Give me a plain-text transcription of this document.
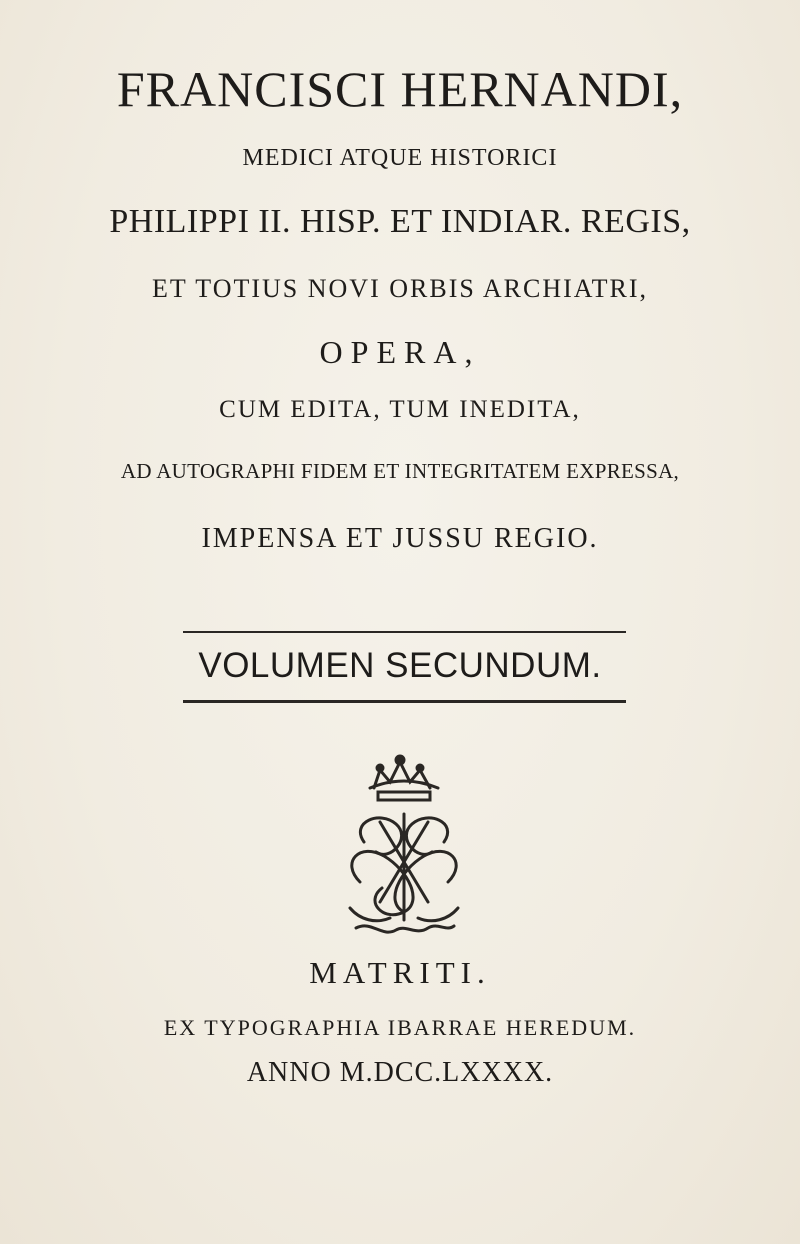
FRANCISCI HERNANDI,
MEDICI ATQUE HISTORICI
PHILIPPI II. HISP. ET INDIAR. REGIS,
ET TOTIUS NOVI ORBIS ARCHIATRI,
OPERA,
CUM EDITA, TUM INEDITA,
AD AUTOGRAPHI FIDEM ET INTEGRITATEM EXPRESSA,
IMPENSA ET JUSSU REGIO.
VOLUMEN SECUNDUM.
MATRITI.
EX TYPOGRAPHIA IBARRAE HEREDUM.
ANNO M.DCC.LXXXX.
